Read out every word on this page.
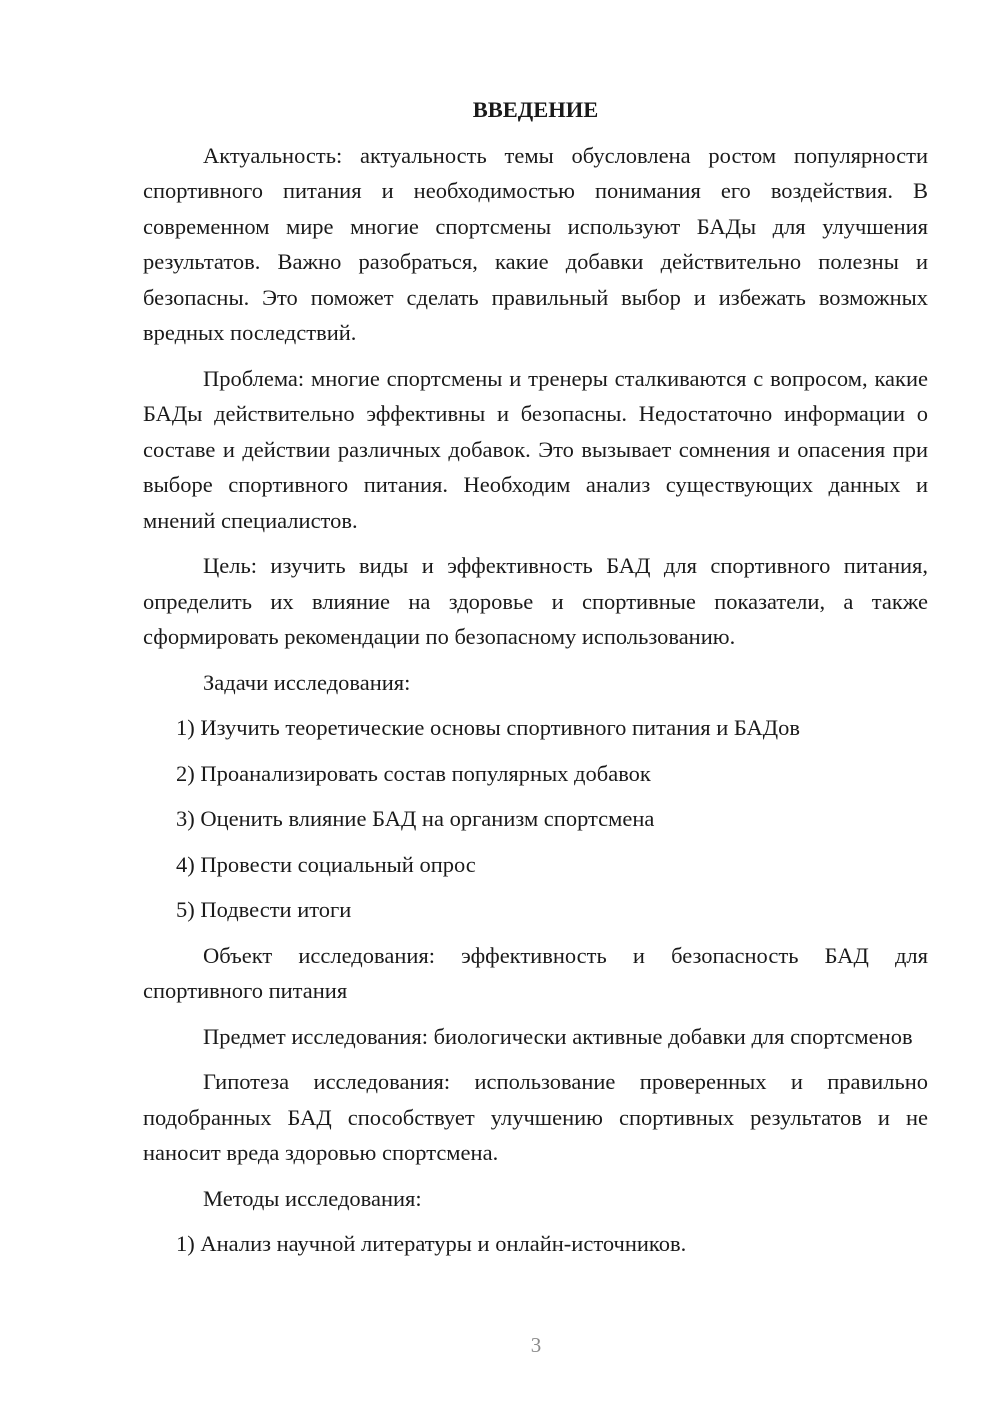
ВВЕДЕНИЕ

Актуальность: актуальность темы обусловлена ростом популярности спортивного питания и необходимостью понимания его воздействия. В современном мире многие спортсмены используют БАДы для улучшения результатов. Важно разобраться, какие добавки действительно полезны и безопасны. Это поможет сделать правильный выбор и избежать возможных вредных последствий.

Проблема: многие спортсмены и тренеры сталкиваются с вопросом, какие БАДы действительно эффективны и безопасны. Недостаточно информации о составе и действии различных добавок. Это вызывает сомнения и опасения при выборе спортивного питания. Необходим анализ существующих данных и мнений специалистов.

Цель: изучить виды и эффективность БАД для спортивного питания, определить их влияние на здоровье и спортивные показатели, а также сформировать рекомендации по безопасному использованию.

Задачи исследования:

1) Изучить теоретические основы спортивного питания и БАДов
2) Проанализировать состав популярных добавок
3) Оценить влияние БАД на организм спортсмена
4) Провести социальный опрос
5) Подвести итоги

Объект исследования: эффективность и безопасность БАД для спортивного питания

Предмет исследования: биологически активные добавки для спортсменов

Гипотеза исследования: использование проверенных и правильно подобранных БАД способствует улучшению спортивных результатов и не наносит вреда здоровью спортсмена.

Методы исследования:

1) Анализ научной литературы и онлайн-источников.
3
